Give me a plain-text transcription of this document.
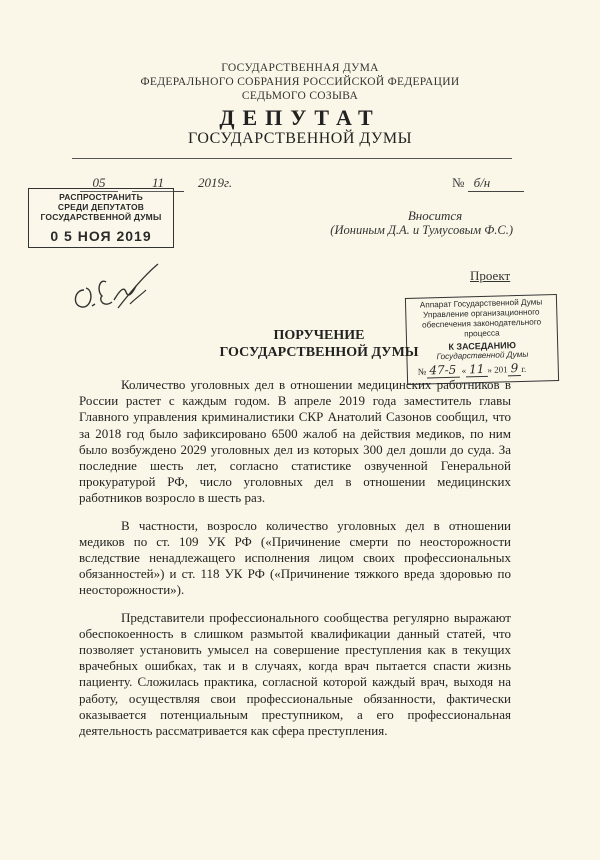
ГОСУДАРСТВЕННАЯ ДУМА
ФЕДЕРАЛЬНОГО СОБРАНИЯ РОССИЙСКОЙ ФЕДЕРАЦИИ
СЕДЬМОГО СОЗЫВА
ДЕПУТАТ
ГОСУДАРСТВЕННОЙ ДУМЫ
05	11	2019г.	№ б/н
РАСПРОСТРАНИТЬ
СРЕДИ ДЕПУТАТОВ
ГОСУДАРСТВЕННОЙ ДУМЫ
0 5 НОЯ 2019
Вносится
(Иониным Д.А. и Тумусовым Ф.С.)
Проект
Аппарат Государственной Думы
Управление организационного
обеспечения законодательного
процесса
К ЗАСЕДАНИЮ
Государственной Думы
№ 47-5 « 11 » 201 9 г.
ПОРУЧЕНИЕ
ГОСУДАРСТВЕННОЙ ДУМЫ

Количество уголовных дел в отношении медицинских работников в России растет с каждым годом. В апреле 2019 года заместитель главы Главного управления криминалистики СКР Анатолий Сазонов сообщил, что за 2018 год было зафиксировано 6500 жалоб на действия медиков, по ним было возбуждено 2029 уголовных дел из которых 300 дел дошли до суда. За последние шесть лет, согласно статистике озвученной Генеральной прокуратурой РФ, число уголовных дел в отношении медицинских работников возросло в шесть раз.

В частности, возросло количество уголовных дел в отношении медиков по ст. 109 УК РФ («Причинение смерти по неосторожности вследствие ненадлежащего исполнения лицом своих профессиональных обязанностей») и ст. 118 УК РФ («Причинение тяжкого вреда здоровью по неосторожности»).

Представители профессионального сообщества регулярно выражают обеспокоенность в слишком размытой квалификации данный статей, что позволяет установить умысел на совершение преступления как в текущих врачебных ошибках, так и в случаях, когда врач пытается спасти жизнь пациенту. Сложилась практика, согласной которой каждый врач, выходя на работу, осуществляя свои профессиональные обязанности, фактически оказывается потенциальным преступником, а его профессиональная деятельность рассматривается как сфера преступления.
